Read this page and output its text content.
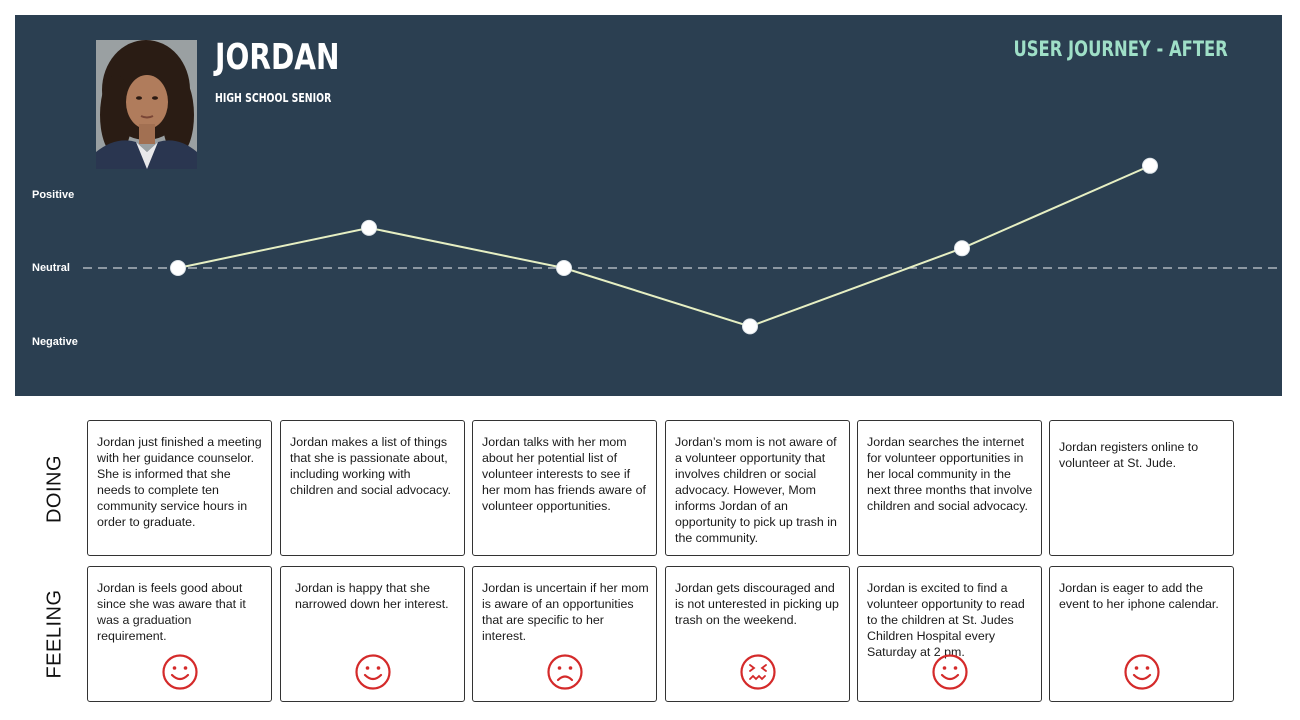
JORDAN
HIGH SCHOOL SENIOR
USER JOURNEY - AFTER
Positive
Neutral
Negative
DOING
FEELING
Jordan just finished a meeting with her guidance counselor. She is informed that she needs to complete ten community service hours in order to graduate.
Jordan makes a list of things that she is passionate about, including working with children and social advocacy.
Jordan talks with her mom about her potential list of volunteer interests to see if her mom has friends aware of volunteer opportunities.
Jordan’s mom is not aware of a volunteer opportunity that involves children or social advocacy. However, Mom informs Jordan of an opportunity to pick up trash in the community.
Jordan searches the internet for volunteer opportunities in her local community in the next three months that involve children and social advocacy.
Jordan registers online to volunteer at St. Jude.
Jordan is feels good about since she was aware that it was a graduation requirement.
Jordan is happy that she narrowed down her interest.
Jordan is uncertain if her mom is aware of an opportunities that are specific to her interest.
Jordan gets discouraged and is not unterested in picking up trash on the weekend.
Jordan is excited to find a volunteer opportunity to read to the children at St. Judes Children Hospital every Saturday at 2 pm.
Jordan is eager to add the event to her iphone calendar.
